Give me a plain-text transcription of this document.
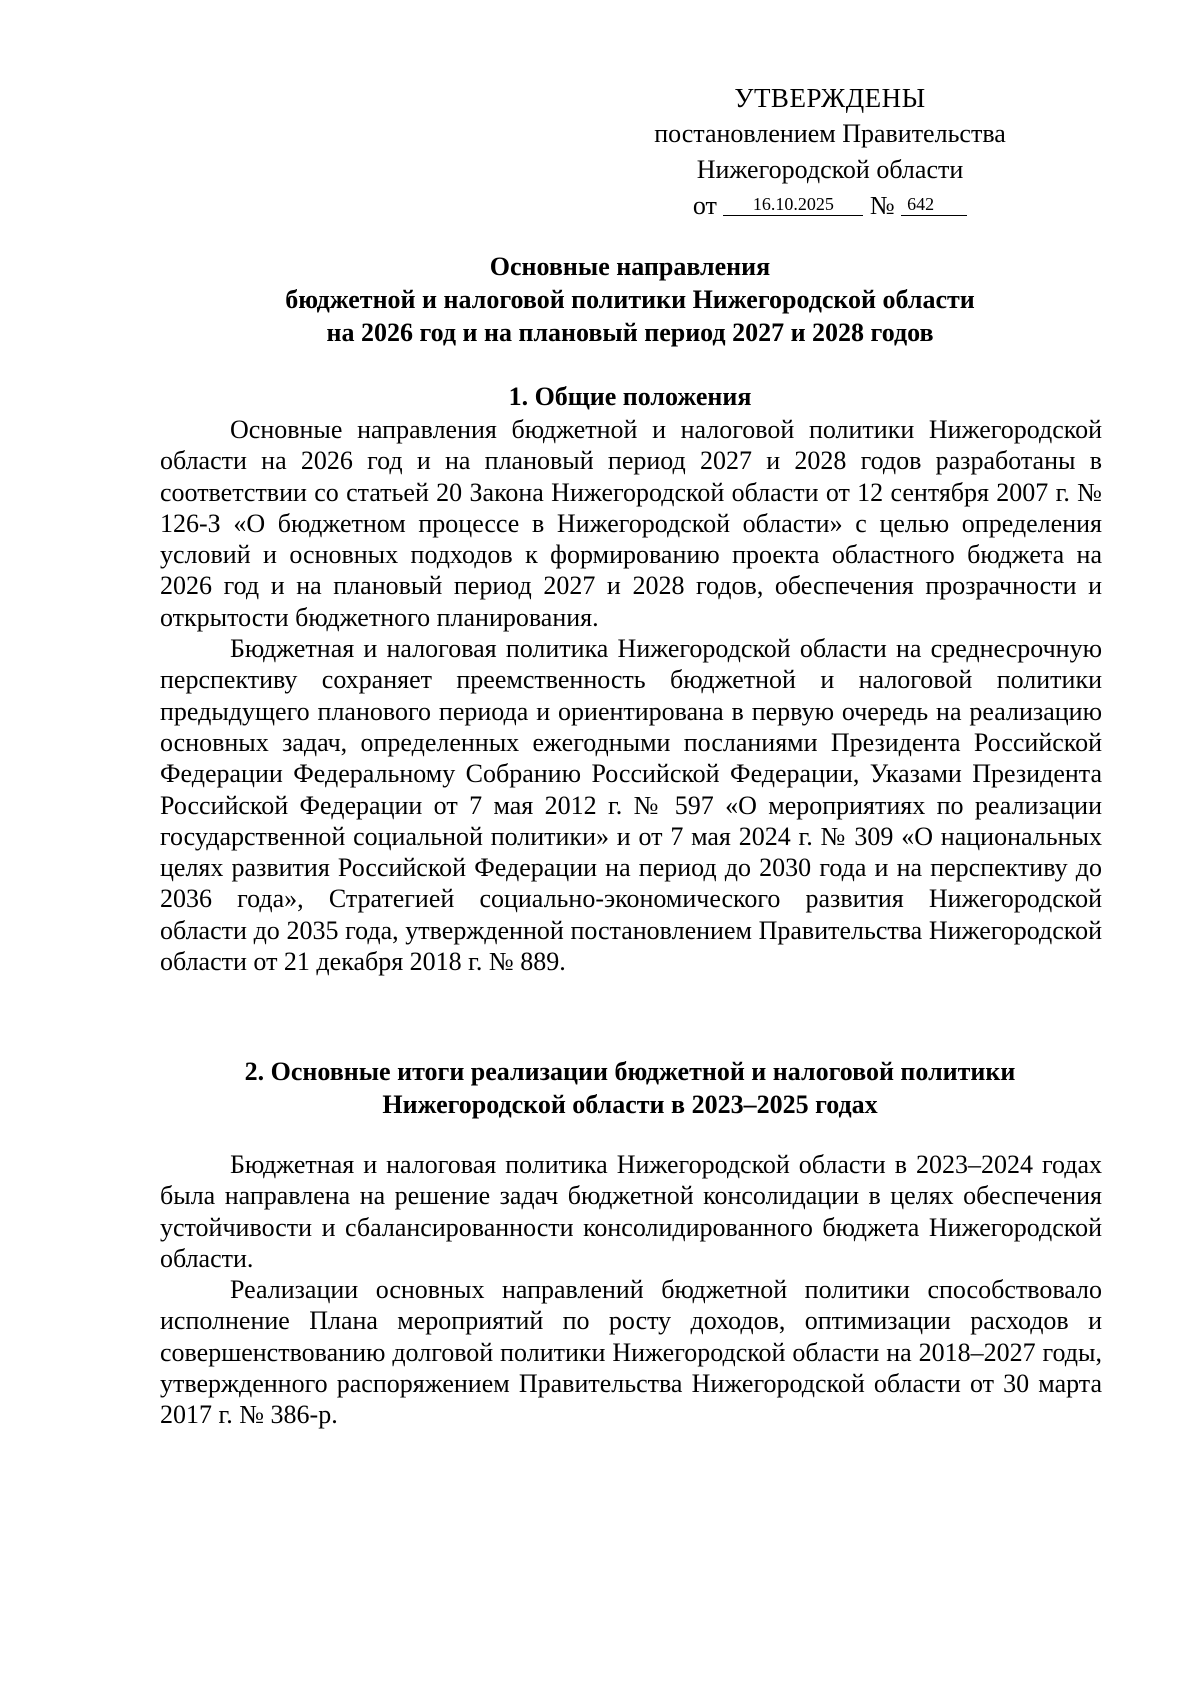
УТВЕРЖДЕНЫ
постановлением Правительства
Нижегородской области
от 16.10.2025 № 642
Основные направления
бюджетной и налоговой политики Нижегородской области
на 2026 год и на плановый период 2027 и 2028 годов
1. Общие положения

Основные направления бюджетной и налоговой политики Нижегородской области на 2026 год и на плановый период 2027 и 2028 годов разработаны в соответствии со статьей 20 Закона Нижегородской области от 12 сентября 2007 г. № 126-З «О бюджетном процессе в Нижегородской области» с целью определения условий и основных подходов к формированию проекта областного бюджета на 2026 год и на плановый период 2027 и 2028 годов, обеспечения прозрачности и открытости бюджетного планирования.

Бюджетная и налоговая политика Нижегородской области на среднесрочную перспективу сохраняет преемственность бюджетной и налоговой политики предыдущего планового периода и ориентирована в первую очередь на реализацию основных задач, определенных ежегодными посланиями Президента Российской Федерации Федеральному Собранию Российской Федерации, Указами Президента Российской Федерации от 7 мая 2012 г. № 597 «О мероприятиях по реализации государственной социальной политики» и от 7 мая 2024 г. № 309 «О национальных целях развития Российской Федерации на период до 2030 года и на перспективу до 2036 года», Стратегией социально-экономического развития Нижегородской области до 2035 года, утвержденной постановлением Правительства Нижегородской области от 21 декабря 2018 г. № 889.

2. Основные итоги реализации бюджетной и налоговой политики
Нижегородской области в 2023–2025 годах

Бюджетная и налоговая политика Нижегородской области в 2023–2024 годах была направлена на решение задач бюджетной консолидации в целях обеспечения устойчивости и сбалансированности консолидированного бюджета Нижегородской области.

Реализации основных направлений бюджетной политики способствовало исполнение Плана мероприятий по росту доходов, оптимизации расходов и совершенствованию долговой политики Нижегородской области на 2018–2027 годы, утвержденного распоряжением Правительства Нижегородской области от 30 марта 2017 г. № 386-р.
